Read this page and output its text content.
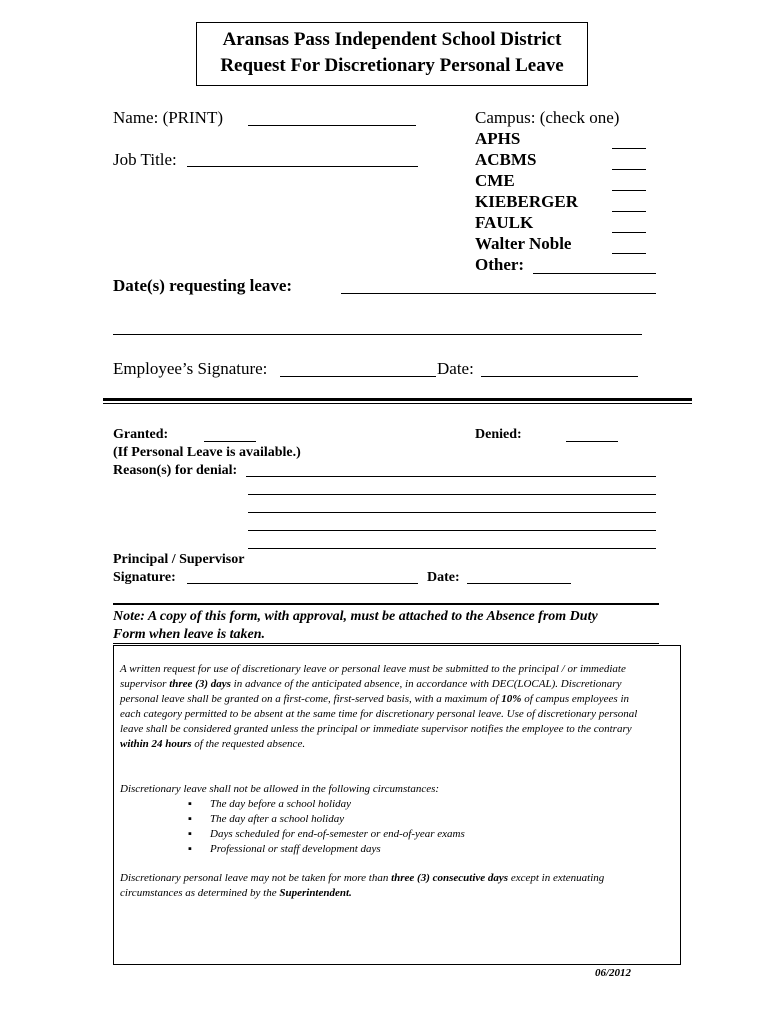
Aransas Pass Independent School District
Request For Discretionary Personal Leave
Name: (PRINT)
Job Title:
Campus: (check one)
APHS
ACBMS
CME
KIEBERGER
FAULK
Walter Noble
Other:
Date(s) requesting leave:
Employee’s Signature:	Date:
Granted:	Denied:
(If Personal Leave is available.)
Reason(s) for denial:
Principal / Supervisor
Signature:	Date:
Note: A copy of this form, with approval, must be attached to the Absence from Duty
Form when leave is taken.
A written request for use of discretionary leave or personal leave must be submitted to the principal / or immediate supervisor three (3) days in advance of the anticipated absence, in accordance with DEC(LOCAL). Discretionary personal leave shall be granted on a first-come, first-served basis, with a maximum of 10% of campus employees in each category permitted to be absent at the same time for discretionary personal leave. Use of discretionary personal leave shall be considered granted unless the principal or immediate supervisor notifies the employee to the contrary within 24 hours of the requested absence.
Discretionary leave shall not be allowed in the following circumstances:
▪ The day before a school holiday
▪ The day after a school holiday
▪ Days scheduled for end-of-semester or end-of-year exams
▪ Professional or staff development days
Discretionary personal leave may not be taken for more than three (3) consecutive days except in extenuating circumstances as determined by the Superintendent.
06/2012
